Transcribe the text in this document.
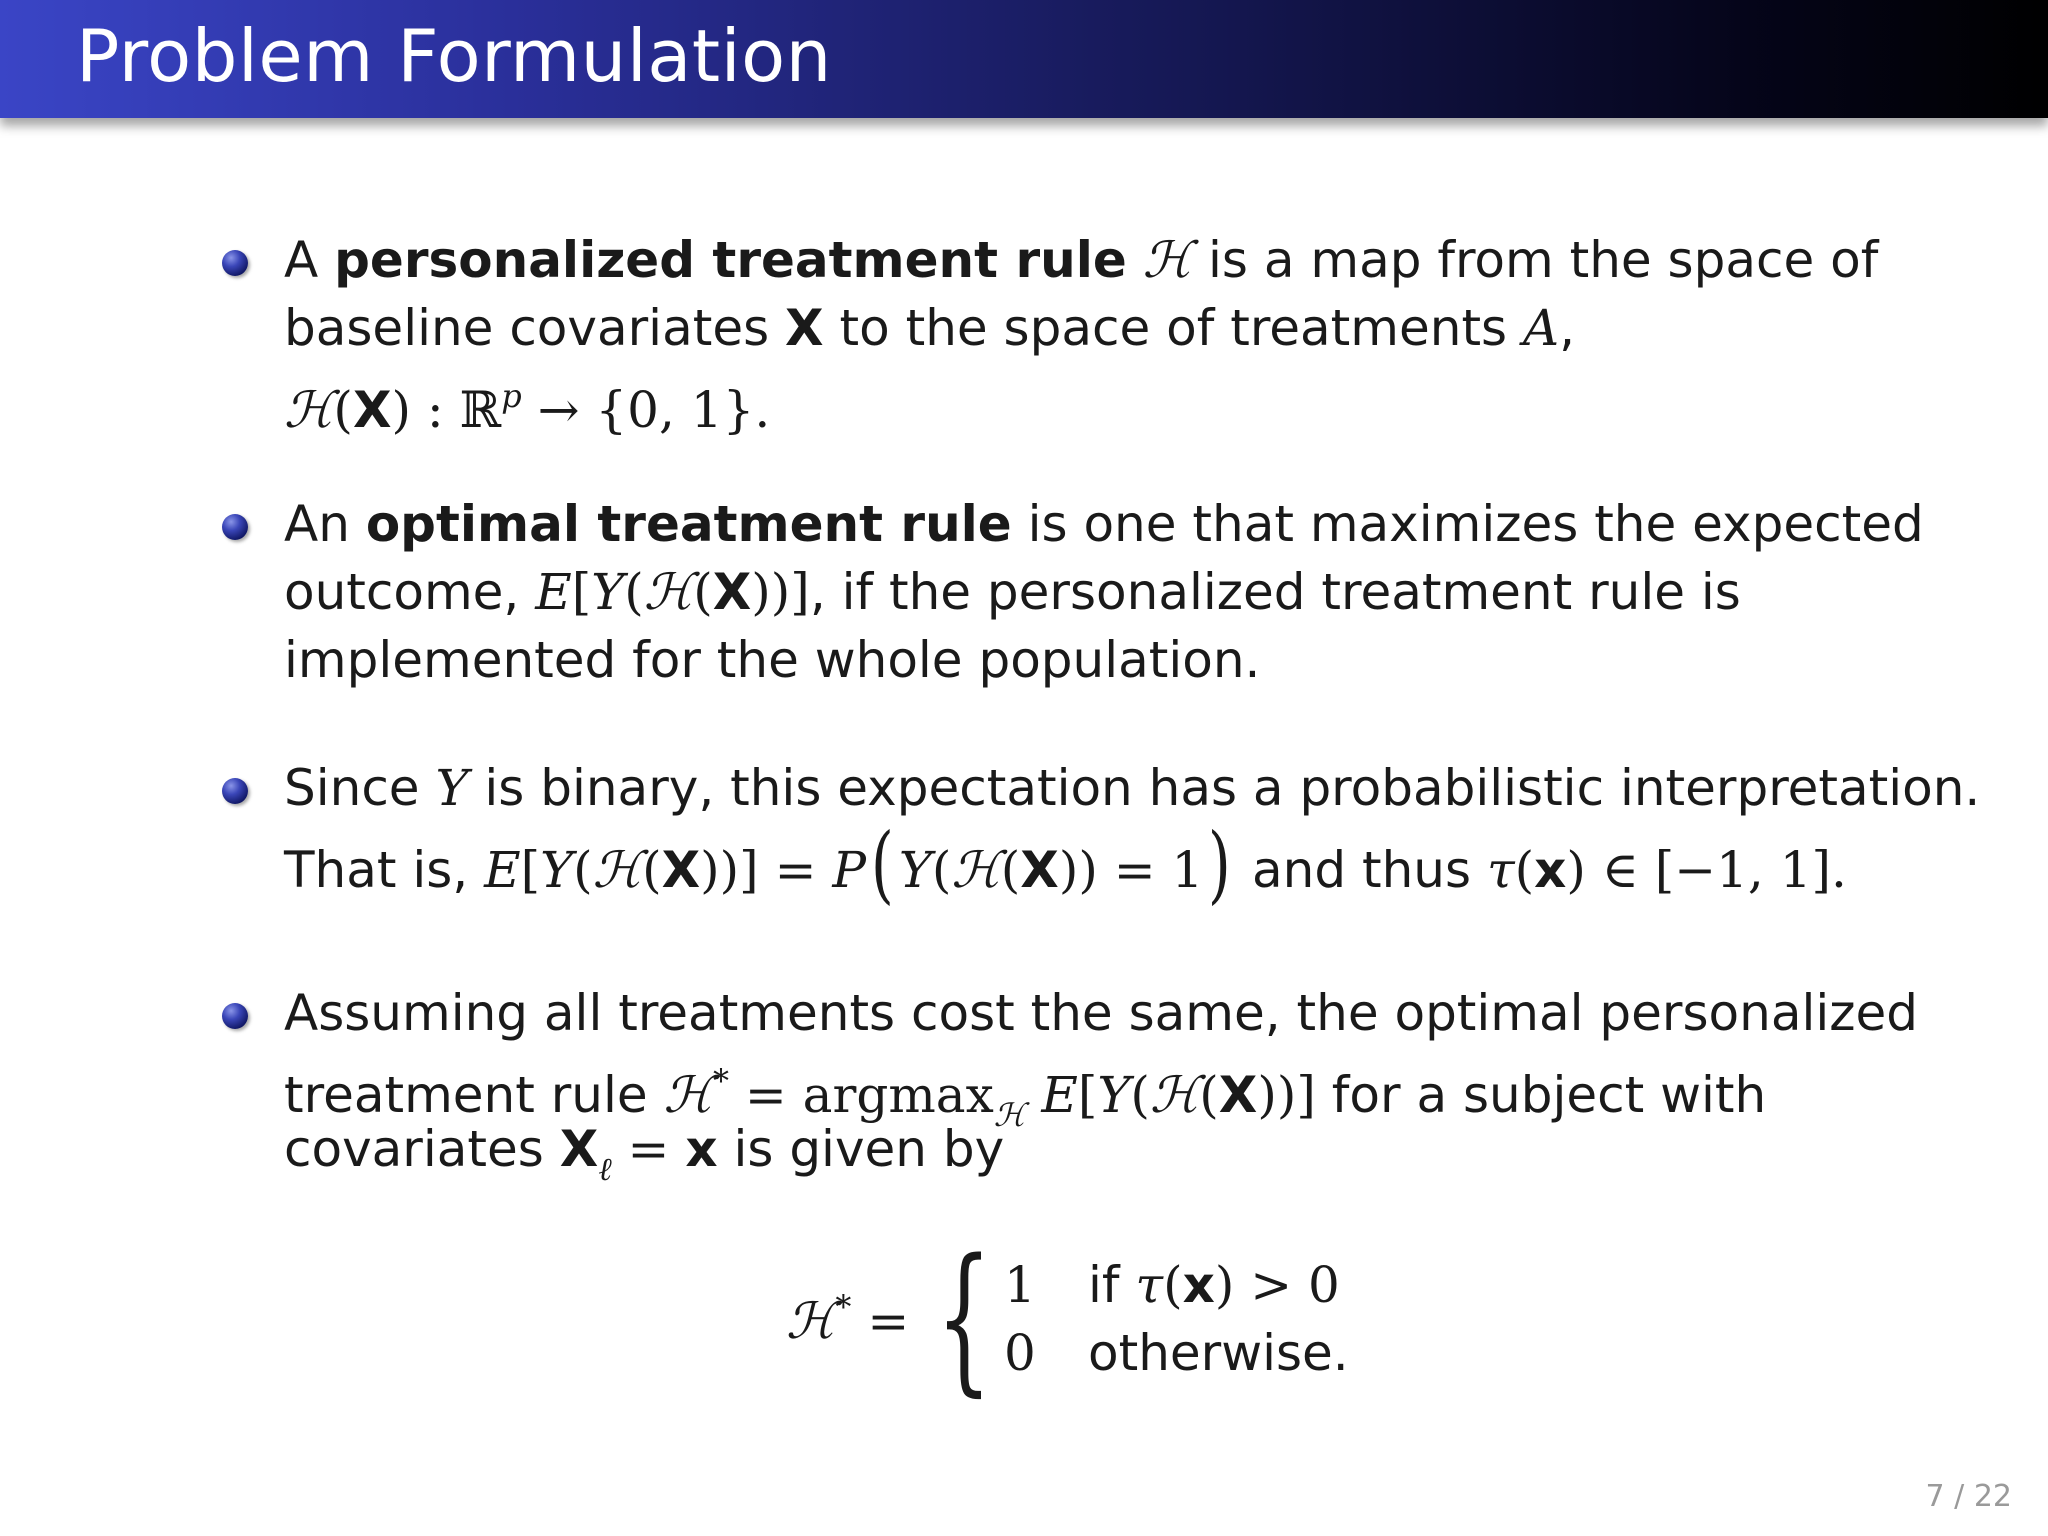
Problem Formulation
A personalized treatment rule ℋ is a map from the space of
baseline covariates X to the space of treatments A,
ℋ(X) : ℝ$^p$ → {0, 1}.
An optimal treatment rule is one that maximizes the expected
outcome, E[Y(ℋ(X))], if the personalized treatment rule is
implemented for the whole population.
Since Y is binary, this expectation has a probabilistic interpretation.
That is, E[Y(ℋ(X))] = P(Y(ℋ(X)) = 1) and thus τ(x) ∈ [−1, 1].
Assuming all treatments cost the same, the optimal personalized
treatment rule ℋ* = argmax$_ℋ$ E[Y(ℋ(X))] for a subject with
covariates $X_\ell = x$ is given by
ℋ* = { 1 if τ(x) > 0
0 otherwise.
7 / 22
